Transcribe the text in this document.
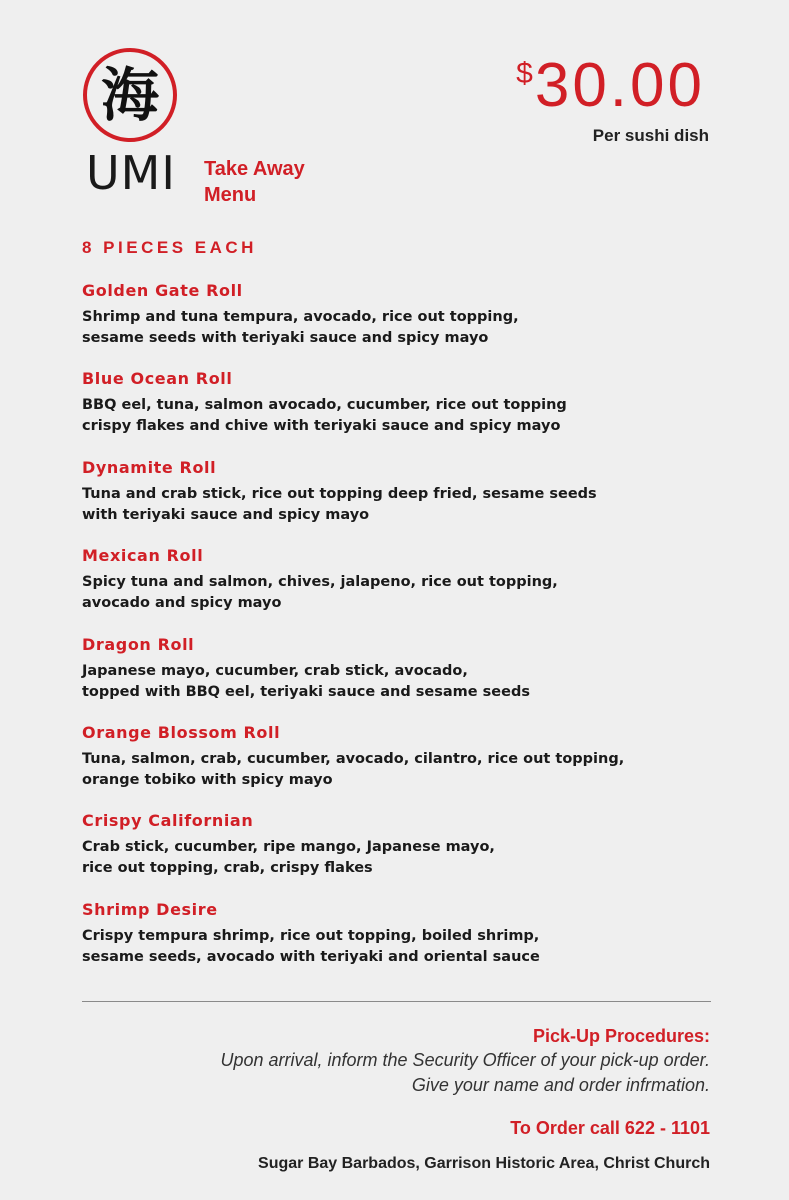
海
UMI Take Away
Menu
$ 30.00
Per sushi dish
8 PIECES EACH
Golden Gate Roll
Shrimp and tuna tempura, avocado, rice out topping,
sesame seeds with teriyaki sauce and spicy mayo
Blue Ocean Roll
BBQ eel, tuna, salmon avocado, cucumber, rice out topping
crispy flakes and chive with teriyaki sauce and spicy mayo
Dynamite Roll
Tuna and crab stick, rice out topping deep fried, sesame seeds
with teriyaki sauce and spicy mayo
Mexican Roll
Spicy tuna and salmon, chives, jalapeno, rice out topping,
avocado and spicy mayo
Dragon Roll
Japanese mayo, cucumber, crab stick, avocado,
topped with BBQ eel, teriyaki sauce and sesame seeds
Orange Blossom Roll
Tuna, salmon, crab, cucumber, avocado, cilantro, rice out topping,
orange tobiko with spicy mayo
Crispy Californian
Crab stick, cucumber, ripe mango, Japanese mayo,
rice out topping, crab, crispy flakes
Shrimp Desire
Crispy tempura shrimp, rice out topping, boiled shrimp,
sesame seeds, avocado with teriyaki and oriental sauce
Pick-Up Procedures:
Upon arrival, inform the Security Officer of your pick-up order.
Give your name and order infrmation.
To Order call 622 - 1101
Sugar Bay Barbados, Garrison Historic Area, Christ Church
